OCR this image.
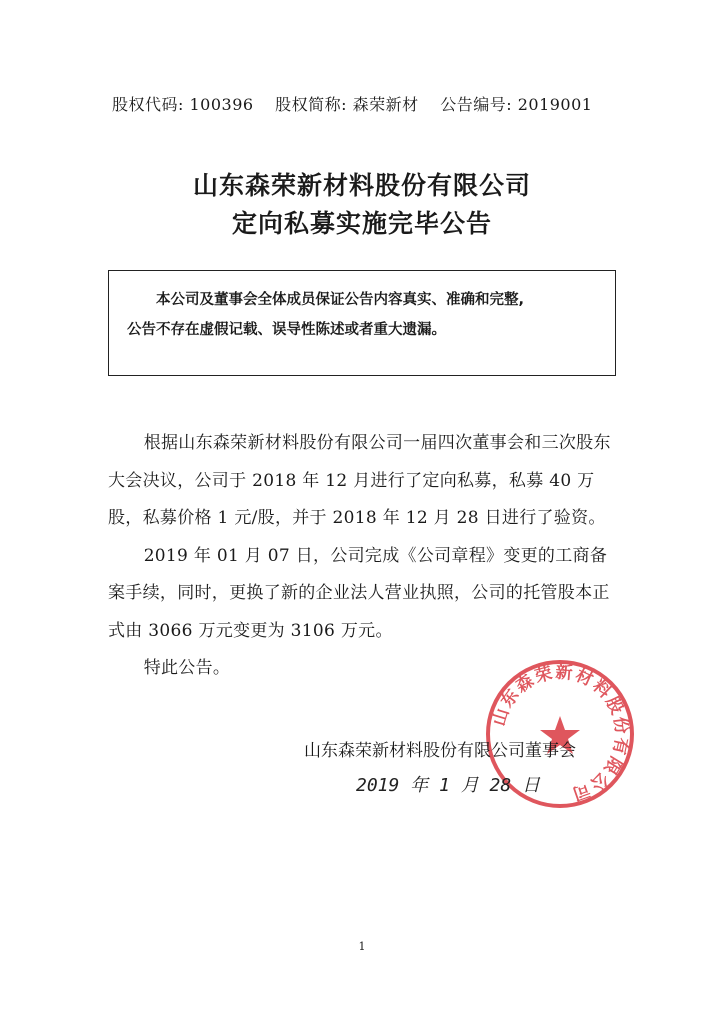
股权代码: 100396 股权简称: 森荣新材 公告编号: 2019001
山东森荣新材料股份有限公司
定向私募实施完毕公告
本公司及董事会全体成员保证公告内容真实、准确和完整,
公告不存在虚假记载、误导性陈述或者重大遗漏。

根据山东森荣新材料股份有限公司一届四次董事会和三次股东大会决议，公司于 2018 年 12 月进行了定向私募，私募 40 万股，私募价格 1 元/股，并于 2018 年 12 月 28 日进行了验资。

2019 年 01 月 07 日，公司完成《公司章程》变更的工商备案手续，同时，更换了新的企业法人营业执照，公司的托管股本正式由 3066 万元变更为 3106 万元。

特此公告。

山东森荣新材料股份有限公司
山东森荣新材料股份有限公司董事会
2019 年 1 月 28 日
1
